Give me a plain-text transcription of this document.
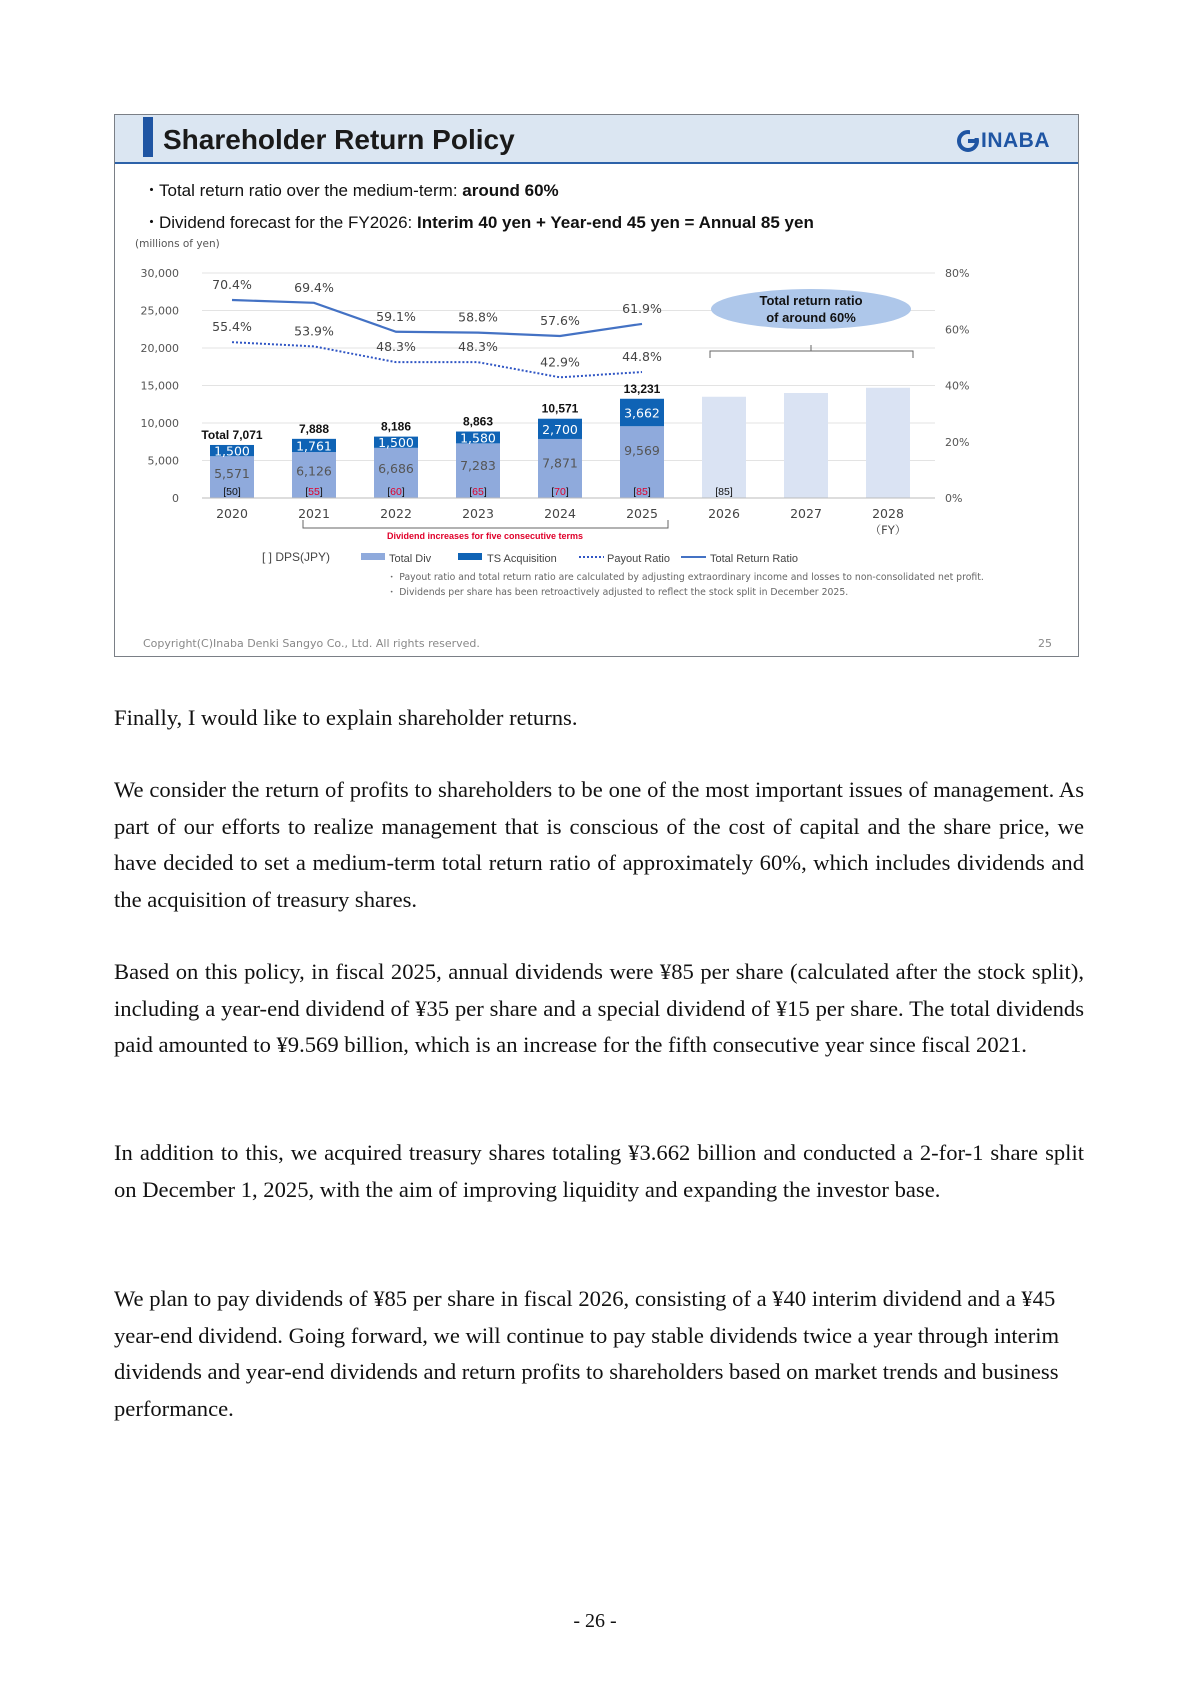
Shareholder Return Policy	INABA
・Total return ratio over the medium-term: around 60%
・Dividend forecast for the FY2026: Interim 40 yen + Year-end 45 yen = Annual 85 yen
0
5,000
10,000
15,000
20,000
25,000
30,000
0%
20%
40%
60%
80%
(millions of yen)
1,500
5,571
Total 7,071
1,761
6,126
7,888
1,500
6,686
8,186
1,580
7,283
8,863
2,700
7,871
10,571	3,662
9,569
13,231
[50]	[55]	[60]	[65]	[70]	[85]	[85]
2020	2021	2022	2023	2024	2025	2026	2027	2028
（FY）
70.4%	69.4%
59.1%	58.8%	57.6%
61.9%
55.4%	53.9%
48.3%	48.3%
42.9%	44.8%
Total return ratio
of around 60%
Dividend increases for five consecutive terms
[ ] DPS(JPY)	Total Div	TS Acquisition	Payout Ratio	Total Return Ratio
・ Payout ratio and total return ratio are calculated by adjusting extraordinary income and losses to non-consolidated net profit.
・ Dividends per share has been retroactively adjusted to reflect the stock split in December 2025.
Copyright(C)Inaba Denki Sangyo Co., Ltd. All rights reserved.	25
Finally, I would like to explain shareholder returns.
We consider the return of profits to shareholders to be one of the most important issues of management. As part of our efforts to realize management that is conscious of the cost of capital and the share price, we have decided to set a medium-term total return ratio of approximately 60%, which includes dividends and the acquisition of treasury shares.
Based on this policy, in fiscal 2025, annual dividends were ¥85 per share (calculated after the stock split), including a year-end dividend of ¥35 per share and a special dividend of ¥15 per share. The total dividends paid amounted to ¥9.569 billion, which is an increase for the fifth consecutive year since fiscal 2021.
In addition to this, we acquired treasury shares totaling ¥3.662 billion and conducted a 2-for-1 share split on December 1, 2025, with the aim of improving liquidity and expanding the investor base.
We plan to pay dividends of ¥85 per share in fiscal 2026, consisting of a ¥40 interim dividend and a ¥45 year-end dividend. Going forward, we will continue to pay stable dividends twice a year through interim dividends and year-end dividends and return profits to shareholders based on market trends and business performance.
- 26 -
